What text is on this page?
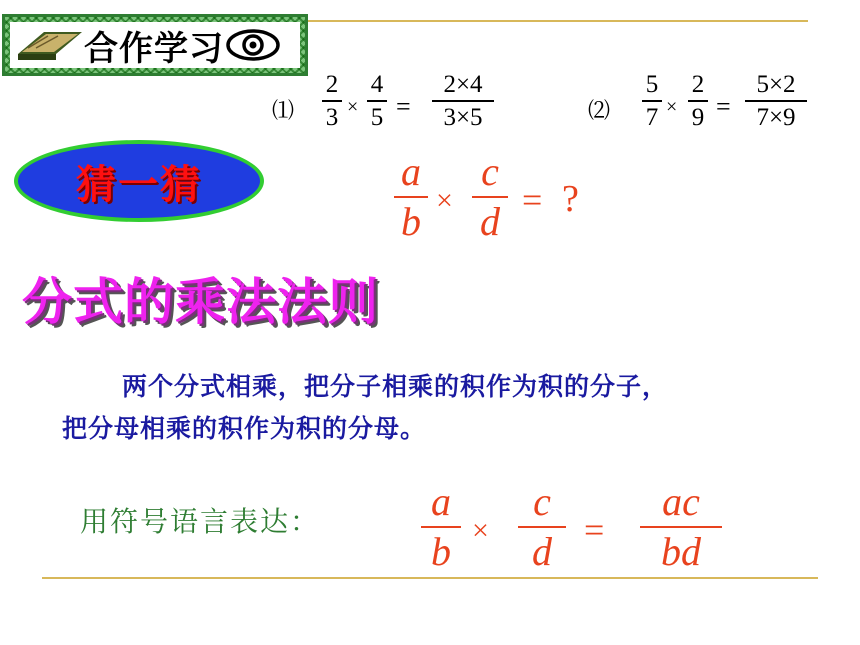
合作学习
⑴
2
3 ×
4
5 =
2×4
3×5	⑵
5
7 ×
2
9 =
5×2
7×9
猜一猜	a
b ×
c
d = ?
分式的乘法法则
两个分式相乘，把分子相乘的积作为积的分子，
把分母相乘的积作为积的分母。
用符号语言表达：	a
b ×
c
d =
ac
bd
